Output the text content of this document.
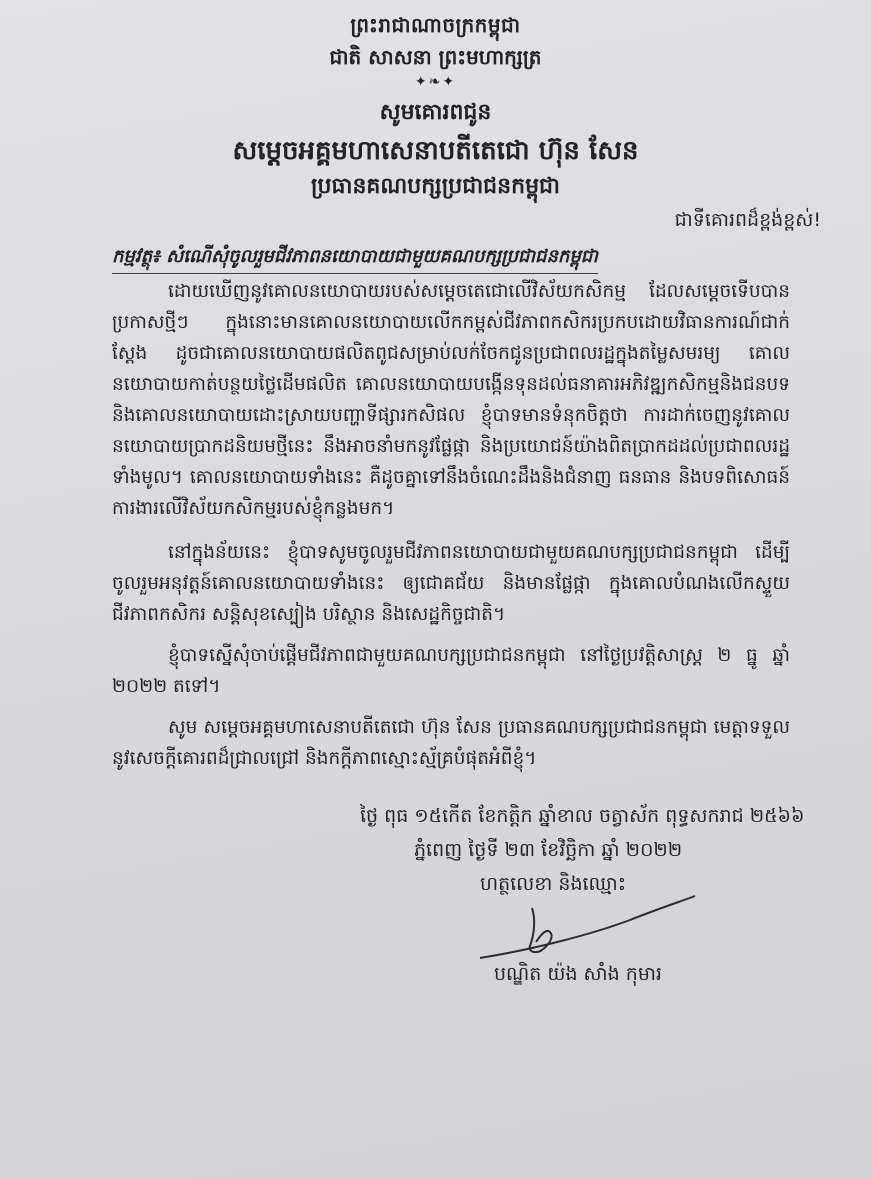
ព្រះរាជាណាចក្រកម្ពុជា
ជាតិ សាសនា ព្រះមហាក្សត្រ
✦❧✦
សូមគោរពជូន
សម្តេចអគ្គមហាសេនាបតីតេជោ ហ៊ុន សែន
ប្រធានគណបក្សប្រជាជនកម្ពុជា
ជាទីគោរពដ៏ខ្ពង់ខ្ពស់!
កម្មវត្ថុ៖ សំណើសុំចូលរួមជីវភាពនយោបាយជាមួយគណបក្សប្រជាជនកម្ពុជា

ដោយឃើញនូវគោលនយោបាយរបស់សម្តេចតេជោលើវិស័យកសិកម្ម ដែលសម្តេចទើបបានប្រកាសថ្មីៗ ក្នុងនោះមានគោលនយោបាយលើកកម្ពស់ជីវភាពកសិករប្រកបដោយវិធានការណ៍ជាក់ស្តែង ដូចជាគោលនយោបាយផលិតពូជសម្រាប់លក់ចែកជូនប្រជាពលរដ្ឋក្នុងតម្លៃសមរម្យ គោលនយោបាយកាត់បន្ថយថ្លៃដើមផលិត គោលនយោបាយបង្កើនទុនដល់ធនាគារអភិវឌ្ឍកសិកម្មនិងជនបទ និងគោលនយោបាយដោះស្រាយបញ្ហាទីផ្សារកសិផល ខ្ញុំបាទមានទំនុកចិត្តថា ការដាក់ចេញនូវគោលនយោបាយប្រាកដនិយមថ្មីនេះ នឹងអាចនាំមកនូវផ្លែផ្កា និងប្រយោជន៍យ៉ាងពិតប្រាកដដល់ប្រជាពលរដ្ឋទាំងមូល។ គោលនយោបាយទាំងនេះ គឺដូចគ្នាទៅនឹងចំណេះដឹងនិងជំនាញ ធនធាន និងបទពិសោធន៍ការងារលើវិស័យកសិកម្មរបស់ខ្ញុំកន្លងមក។

នៅក្នុងន័យនេះ ខ្ញុំបាទសូមចូលរួមជីវភាពនយោបាយជាមួយគណបក្សប្រជាជនកម្ពុជា ដើម្បីចូលរួមអនុវត្តន៍គោលនយោបាយទាំងនេះ ឲ្យជោគជ័យ និងមានផ្លែផ្កា ក្នុងគោលបំណងលើកស្ទួយជីវភាពកសិករ សន្តិសុខស្បៀង បរិស្ថាន និងសេដ្ឋកិច្ចជាតិ។

ខ្ញុំបាទស្នើសុំចាប់ផ្តើមជីវភាពជាមួយគណបក្សប្រជាជនកម្ពុជា នៅថ្ងៃប្រវត្តិសាស្ត្រ ២ ធ្នូ ឆ្នាំ ២០២២ តទៅ។

សូម សម្តេចអគ្គមហាសេនាបតីតេជោ ហ៊ុន សែន ប្រធានគណបក្សប្រជាជនកម្ពុជា មេត្តាទទួលនូវសេចក្តីគោរពដ៏ជ្រាលជ្រៅ និងកក្តីភាពស្មោះស្ម័គ្របំផុតអំពីខ្ញុំ។

ថ្ងៃ ពុធ ១៥កើត ខែកត្តិក ឆ្នាំខាល ចត្វាស័ក ពុទ្ធសករាជ ២៥៦៦
ភ្នំពេញ ថ្ងៃទី ២៣ ខែវិច្ឆិកា ឆ្នាំ ២០២២
ហត្ថលេខា និងឈ្មោះ
បណ្ឌិត យ៉ង សាំង កុមារ
